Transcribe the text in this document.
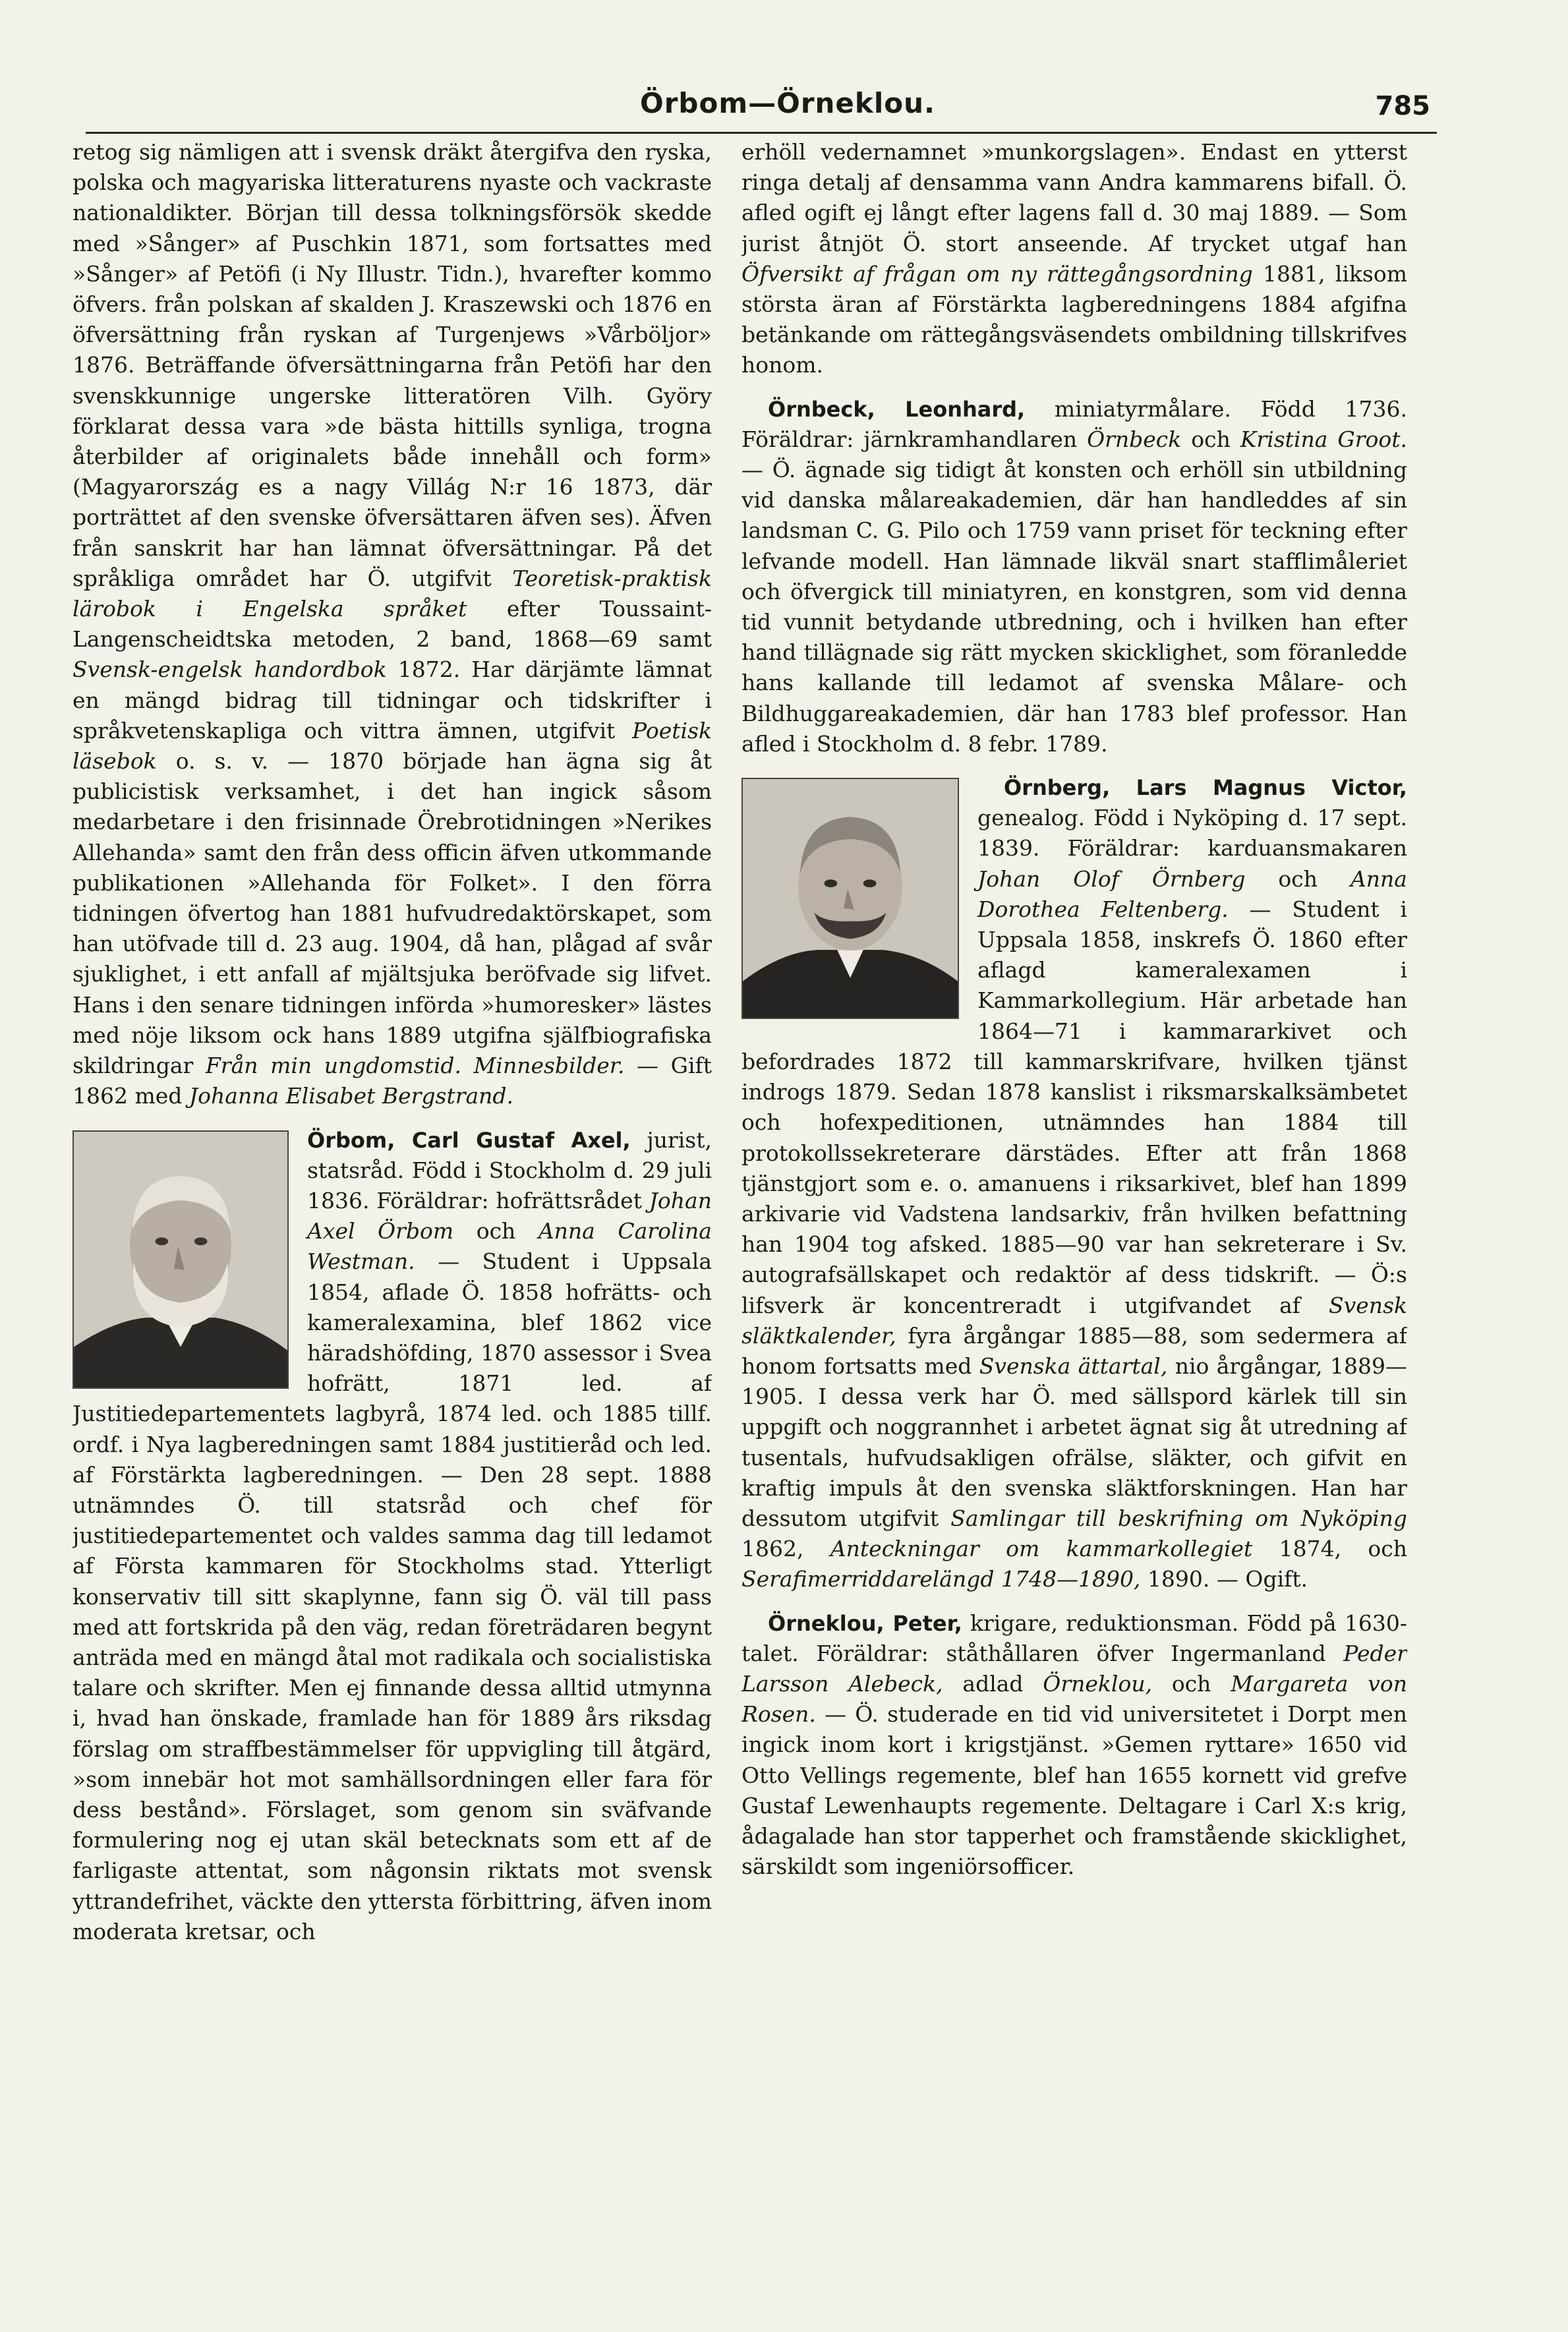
Örbom—Örneklou.	785

retog sig nämligen att i svensk dräkt återgifva den ryska, polska och magyariska litteraturens nyaste och vackraste nationaldikter. Början till dessa tolkningsförsök skedde med »Sånger» af Puschkin 1871, som fortsattes med »Sånger» af Petöfi (i Ny Illustr. Tidn.), hvarefter kommo öfvers. från polskan af skalden J. Kraszewski och 1876 en öfversättning från ryskan af Turgenjews »Vårböljor» 1876. Beträffande öfversättningarna från Petöfi har den svenskkunnige ungerske litteratören Vilh. Györy förklarat dessa vara »de bästa hittills synliga, trogna återbilder af originalets både innehåll och form» (Magyarország es a nagy Villág N:r 16 1873, där porträttet af den svenske öfversättaren äfven ses). Äfven från sanskrit har han lämnat öfversättningar. På det språkliga området har Ö. utgifvit Teoretisk-praktisk lärobok i Engelska språket efter Toussaint-Langenscheidtska metoden, 2 band, 1868—69 samt Svensk-engelsk handordbok 1872. Har därjämte lämnat en mängd bidrag till tidningar och tidskrifter i språkvetenskapliga och vittra ämnen, utgifvit Poetisk läsebok o. s. v. — 1870 började han ägna sig åt publicistisk verksamhet, i det han ingick såsom medarbetare i den frisinnade Örebrotidningen »Nerikes Allehanda» samt den från dess officin äfven utkommande publikationen »Allehanda för Folket». I den förra tidningen öfvertog han 1881 hufvudredaktörskapet, som han utöfvade till d. 23 aug. 1904, då han, plågad af svår sjuklighet, i ett anfall af mjältsjuka beröfvade sig lifvet. Hans i den senare tidningen införda »humoresker» lästes med nöje liksom ock hans 1889 utgifna själfbiografiska skildringar Från min ungdomstid. Minnesbilder. — Gift 1862 med Johanna Elisabet Bergstrand.

Örbom, Carl Gustaf Axel, jurist, statsråd. Född i Stockholm d. 29 juli 1836. Föräldrar: hofrättsrådet Johan Axel Örbom och Anna Carolina Westman. — Student i Uppsala 1854, aflade Ö. 1858 hofrätts- och kameralexamina, blef 1862 vice häradshöfding, 1870 assessor i Svea hofrätt, 1871 led. af Justitiedepartementets lagbyrå, 1874 led. och 1885 tillf. ordf. i Nya lagberedningen samt 1884 justitieråd och led. af Förstärkta lagberedningen. — Den 28 sept. 1888 utnämndes Ö. till statsråd och chef för justitiedepartementet och valdes samma dag till ledamot af Första kammaren för Stockholms stad. Ytterligt konservativ till sitt skaplynne, fann sig Ö. väl till pass med att fortskrida på den väg, redan företrädaren begynt anträda med en mängd åtal mot radikala och socialistiska talare och skrifter. Men ej finnande dessa alltid utmynna i, hvad han önskade, framlade han för 1889 års riksdag förslag om straffbestämmelser för uppvigling till åtgärd, »som innebär hot mot samhällsordningen eller fara för dess bestånd». Förslaget, som genom sin sväfvande formulering nog ej utan skäl betecknats som ett af de farligaste attentat, som någonsin riktats mot svensk yttrandefrihet, väckte den yttersta förbittring, äfven inom moderata kretsar, och

erhöll vedernamnet »munkorgslagen». Endast en ytterst ringa detalj af densamma vann Andra kammarens bifall. Ö. afled ogift ej långt efter lagens fall d. 30 maj 1889. — Som jurist åtnjöt Ö. stort anseende. Af trycket utgaf han Öfversikt af frågan om ny rättegångsordning 1881, liksom största äran af Förstärkta lagberedningens 1884 afgifna betänkande om rättegångsväsendets ombildning tillskrifves honom.

Örnbeck, Leonhard, miniatyrmålare. Född 1736. Föräldrar: järnkramhandlaren Örnbeck och Kristina Groot. — Ö. ägnade sig tidigt åt konsten och erhöll sin utbildning vid danska målareakademien, där han handleddes af sin landsman C. G. Pilo och 1759 vann priset för teckning efter lefvande modell. Han lämnade likväl snart stafflimåleriet och öfvergick till miniatyren, en konstgren, som vid denna tid vunnit betydande utbredning, och i hvilken han efter hand tillägnade sig rätt mycken skicklighet, som föranledde hans kallande till ledamot af svenska Målare- och Bildhuggareakademien, där han 1783 blef professor. Han afled i Stockholm d. 8 febr. 1789.

Örnberg, Lars Magnus Victor,
genealog. Född i Nyköping d. 17 sept. 1839. Föräldrar: karduansmakaren Johan Olof Örnberg och Anna Dorothea Feltenberg. — Student i Uppsala 1858, inskrefs Ö. 1860 efter aflagd kameralexamen i Kammarkollegium. Här arbetade han 1864—71 i kammararkivet och befordrades 1872 till kammarskrifvare, hvilken tjänst indrogs 1879. Sedan 1878 kanslist i riksmarskalksämbetet och hofexpeditionen, utnämndes han 1884 till protokollssekreterare därstädes. Efter att från 1868 tjänstgjort som e. o. amanuens i riksarkivet, blef han 1899 arkivarie vid Vadstena landsarkiv, från hvilken befattning han 1904 tog afsked. 1885—90 var han sekreterare i Sv. autografsällskapet och redaktör af dess tidskrift. — Ö:s lifsverk är koncentreradt i utgifvandet af Svensk släktkalender, fyra årgångar 1885—88, som sedermera af honom fortsatts med Svenska ättartal, nio årgångar, 1889—1905. I dessa verk har Ö. med sällspord kärlek till sin uppgift och noggrannhet i arbetet ägnat sig åt utredning af tusentals, hufvudsakligen ofrälse, släkter, och gifvit en kraftig impuls åt den svenska släktforskningen. Han har dessutom utgifvit Samlingar till beskrifning om Nyköping 1862, Anteckningar om kammarkollegiet 1874, och Serafimerriddarelängd 1748—1890, 1890. — Ogift.

Örneklou, Peter, krigare, reduktionsman. Född på 1630-talet. Föräldrar: ståthållaren öfver Ingermanland Peder Larsson Alebeck, adlad Örneklou, och Margareta von Rosen. — Ö. studerade en tid vid universitetet i Dorpt men ingick inom kort i krigstjänst. »Gemen ryttare» 1650 vid Otto Vellings regemente, blef han 1655 kornett vid grefve Gustaf Lewenhaupts regemente. Deltagare i Carl X:s krig, ådagalade han stor tapperhet och framstående skicklighet, särskildt som ingeniörsofficer.
